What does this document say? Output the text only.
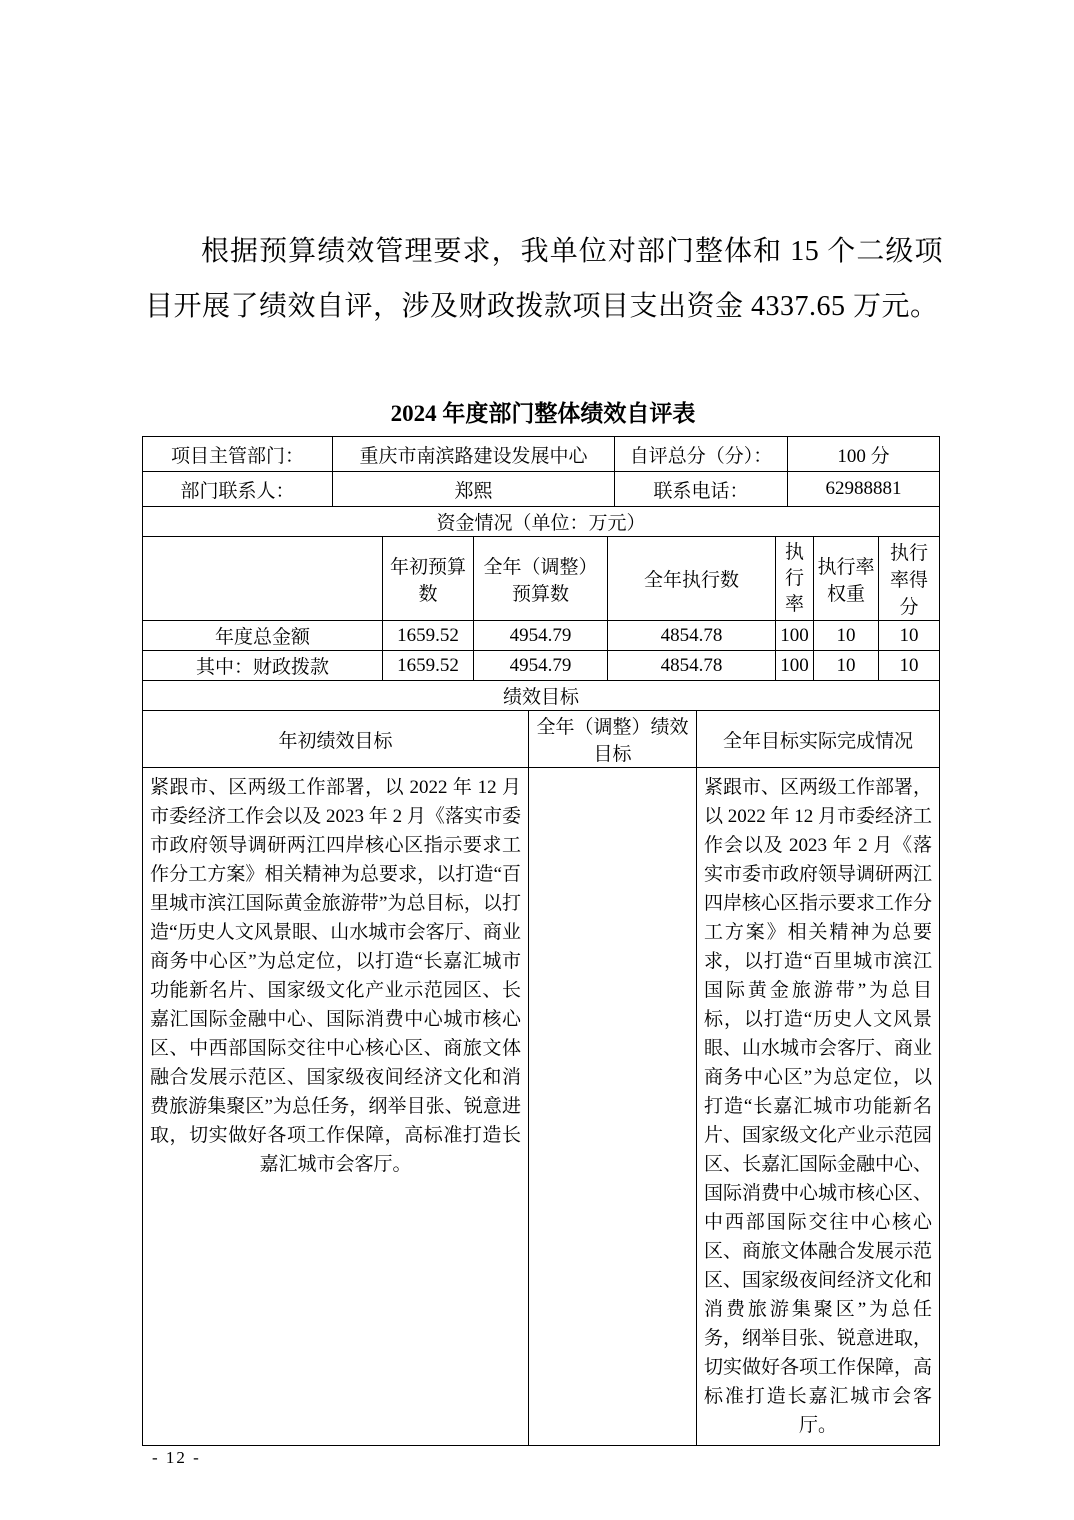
根据预算绩效管理要求，我单位对部门整体和 15 个二级项目开展了绩效自评，涉及财政拨款项目支出资金 4337.65 万元。

2024 年度部门整体绩效自评表
项目主管部门：	重庆市南滨路建设发展中心	自评总分（分）：	100 分
部门联系人：	郑熙	联系电话：	62988881
资金情况（单位：万元）						
	年初预算数	全年（调整）预算数	全年执行数	执行率	执行率权重	执行率得分
年度总金额	1659.52	4954.79	4854.78	100	10	10
其中：财政拨款	1659.52	4954.79	4854.78	100	10	10
绩效目标		
年初绩效目标	全年（调整）绩效目标	全年目标实际完成情况
紧跟市、区两级工作部署，以 2022 年 12 月市委经济工作会以及 2023 年 2 月《落实市委市政府领导调研两江四岸核心区指示要求工作分工方案》相关精神为总要求，以打造“百里城市滨江国际黄金旅游带”为总目标，以打造“历史人文风景眼、山水城市会客厅、商业商务中心区”为总定位，以打造“长嘉汇城市功能新名片、国家级文化产业示范园区、长嘉汇国际金融中心、国际消费中心城市核心区、中西部国际交往中心核心区、商旅文体融合发展示范区、国家级夜间经济文化和消费旅游集聚区”为总任务，纲举目张、锐意进取，切实做好各项工作保障，高标准打造长嘉汇城市会客厅。		紧跟市、区两级工作部署，以 2022 年 12 月市委经济工作会以及 2023 年 2 月《落实市委市政府领导调研两江四岸核心区指示要求工作分工方案》相关精神为总要求，以打造“百里城市滨江国际黄金旅游带”为总目标，以打造“历史人文风景眼、山水城市会客厅、商业商务中心区”为总定位，以打造“长嘉汇城市功能新名片、国家级文化产业示范园区、长嘉汇国际金融中心、国际消费中心城市核心区、中西部国际交往中心核心区、商旅文体融合发展示范区、国家级夜间经济文化和消费旅游集聚区”为总任务，纲举目张、锐意进取，切实做好各项工作保障，高标准打造长嘉汇城市会客厅。
- 12 -
